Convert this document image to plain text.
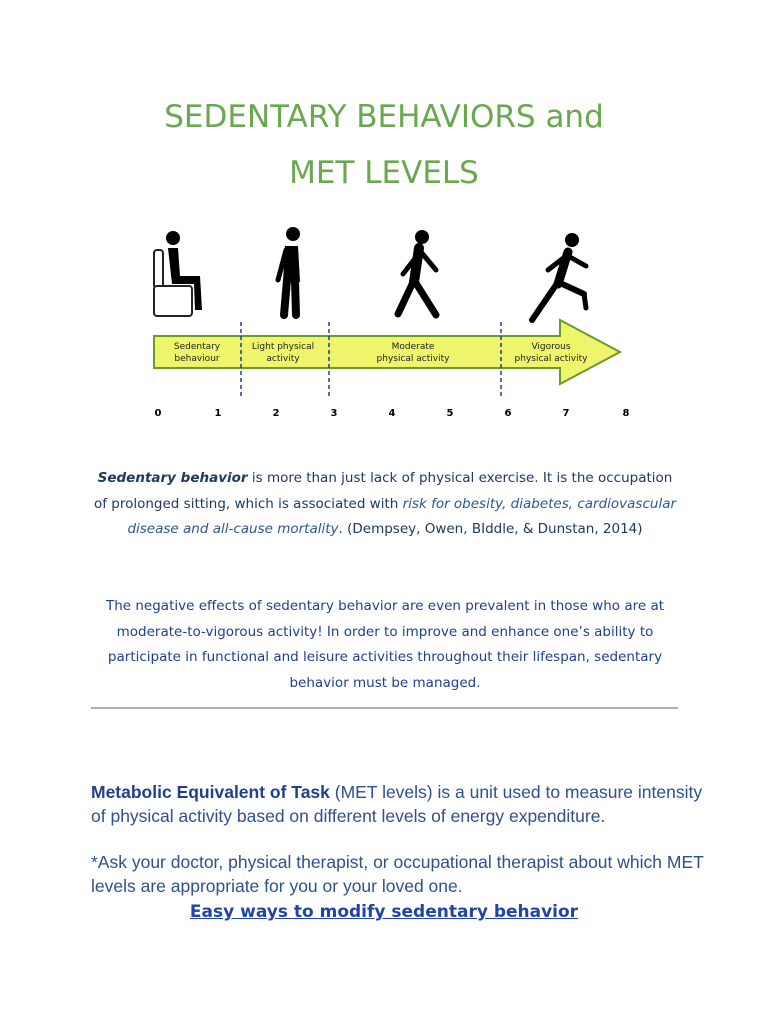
SEDENTARY BEHAVIORS and
MET LEVELS
Sedentary
behaviour
Light physical
activity
Moderate
physical activity
Vigorous
physical activity
0	1	2	3	4	5	6	7	8
Sedentary behavior is more than just lack of physical exercise. It is the occupation of prolonged sitting, which is associated with risk for obesity, diabetes, cardiovascular disease and all-cause mortality. (Dempsey, Owen, BIddle, & Dunstan, 2014)
The negative effects of sedentary behavior are even prevalent in those who are at moderate-to-vigorous activity! In order to improve and enhance one’s ability to participate in functional and leisure activities throughout their lifespan, sedentary behavior must be managed.
Metabolic Equivalent of Task (MET levels) is a unit used to measure intensity of physical activity based on different levels of energy expenditure.
*Ask your doctor, physical therapist, or occupational therapist about which MET levels are appropriate for you or your loved one.
Easy ways to modify sedentary behavior
